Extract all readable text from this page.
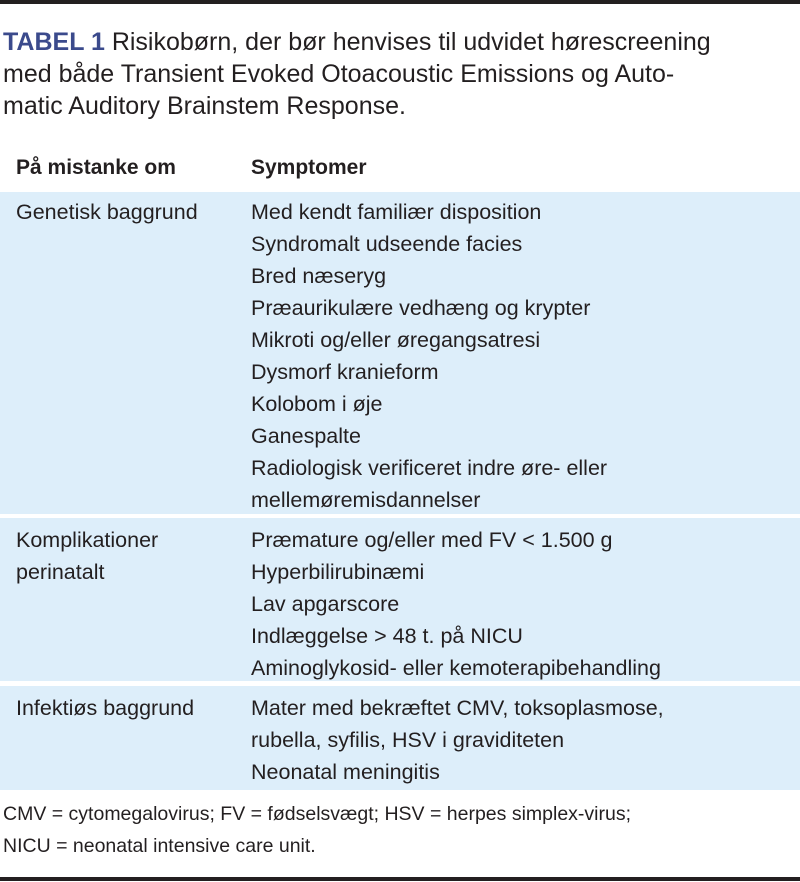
TABEL 1 Risikobørn, der bør henvises til udvidet hørescreening
med både Transient Evoked Otoacoustic Emissions og Auto-
matic Auditory Brainstem Response.
På mistanke om	Symptomer
Genetisk baggrund Med kendt familiær disposition
Syndromalt udseende facies
Bred næseryg
Præaurikulære vedhæng og krypter
Mikroti og/eller øregangsatresi
Dysmorf kranieform
Kolobom i øje
Ganespalte
Radiologisk verificeret indre øre- eller
mellemøremisdannelser
Komplikationer
perinatalt
Præmature og/eller med FV < 1.500 g
Hyperbilirubinæmi
Lav apgarscore
Indlæggelse > 48 t. på NICU
Aminoglykosid- eller kemoterapibehandling
Infektiøs baggrund	Mater med bekræftet CMV, toksoplasmose,
rubella, syfilis, HSV i graviditeten
Neonatal meningitis
CMV = cytomegalovirus; FV = fødselsvægt; HSV = herpes simplex-virus;
NICU = neonatal intensive care unit.
